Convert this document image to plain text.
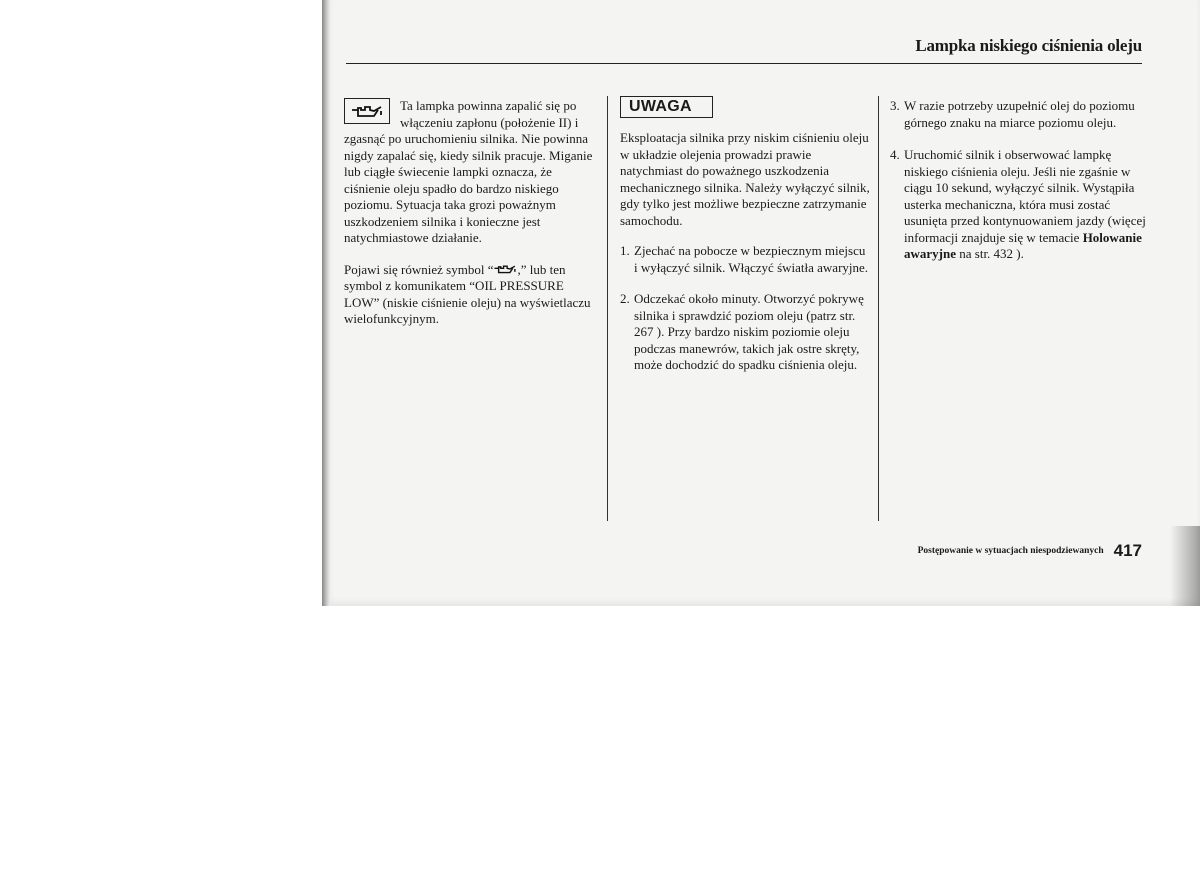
Lampka niskiego ciśnienia oleju

Ta lampka powinna zapalić się po włączeniu zapłonu (położenie II) i zgasnąć po uruchomieniu silnika. Nie powinna nigdy zapalać się, kiedy silnik pracuje. Miganie lub ciągłe świecenie lampki oznacza, że ciśnienie oleju spadło do bardzo niskiego poziomu. Sytuacja taka grozi poważnym uszkodzeniem silnika i konieczne jest natychmiastowe działanie.

Pojawi się również symbol “ ,” lub ten symbol z komunikatem “OIL PRESSURE LOW” (niskie ciśnienie oleju) na wyświetlaczu wielofunkcyjnym.

UWAGA

Eksploatacja silnika przy niskim ciśnieniu oleju w układzie olejenia prowadzi prawie natychmiast do poważnego uszkodzenia mechanicznego silnika. Należy wyłączyć silnik, gdy tylko jest możliwe bezpieczne zatrzymanie samochodu.

1. Zjechać na pobocze w bezpiecznym miejscu i wyłączyć silnik. Włączyć światła awaryjne.
2. Odczekać około minuty. Otworzyć pokrywę silnika i sprawdzić poziom oleju (patrz str. 267 ). Przy bardzo niskim poziomie oleju podczas manewrów, takich jak ostre skręty, może dochodzić do spadku ciśnienia oleju.
3. W razie potrzeby uzupełnić olej do poziomu górnego znaku na miarce poziomu oleju.
4. Uruchomić silnik i obserwować lampkę niskiego ciśnienia oleju. Jeśli nie zgaśnie w ciągu 10 sekund, wyłączyć silnik. Wystąpiła usterka mechaniczna, która musi zostać usunięta przed kontynuowaniem jazdy (więcej informacji znajduje się w temacie Holowanie awaryjne na str. 432 ).
Postępowanie w sytuacjach niespodziewanych 417
